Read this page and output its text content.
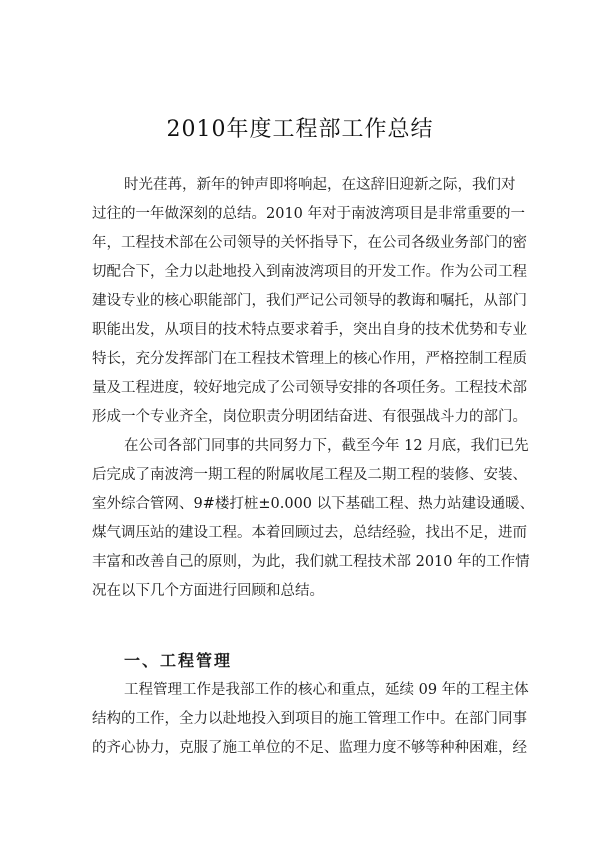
2010年度工程部工作总结
时光荏苒，新年的钟声即将响起，在这辞旧迎新之际，我们对
过往的一年做深刻的总结。2010 年对于南波湾项目是非常重要的一
年，工程技术部在公司领导的关怀指导下，在公司各级业务部门的密
切配合下，全力以赴地投入到南波湾项目的开发工作。作为公司工程
建设专业的核心职能部门，我们严记公司领导的教诲和嘱托，从部门
职能出发，从项目的技术特点要求着手，突出自身的技术优势和专业
特长，充分发挥部门在工程技术管理上的核心作用，严格控制工程质
量及工程进度，较好地完成了公司领导安排的各项任务。工程技术部
形成一个专业齐全，岗位职责分明团结奋进、有很强战斗力的部门。
在公司各部门同事的共同努力下，截至今年 12 月底，我们已先
后完成了南波湾一期工程的附属收尾工程及二期工程的装修、安装、
室外综合管网、9#楼打桩±0.000 以下基础工程、热力站建设通暖、
煤气调压站的建设工程。本着回顾过去，总结经验，找出不足，进而
丰富和改善自己的原则，为此，我们就工程技术部 2010 年的工作情
况在以下几个方面进行回顾和总结。
一、工程管理
工程管理工作是我部工作的核心和重点，延续 09 年的工程主体
结构的工作，全力以赴地投入到项目的施工管理工作中。在部门同事
的齐心协力，克服了施工单位的不足、监理力度不够等种种困难，经
